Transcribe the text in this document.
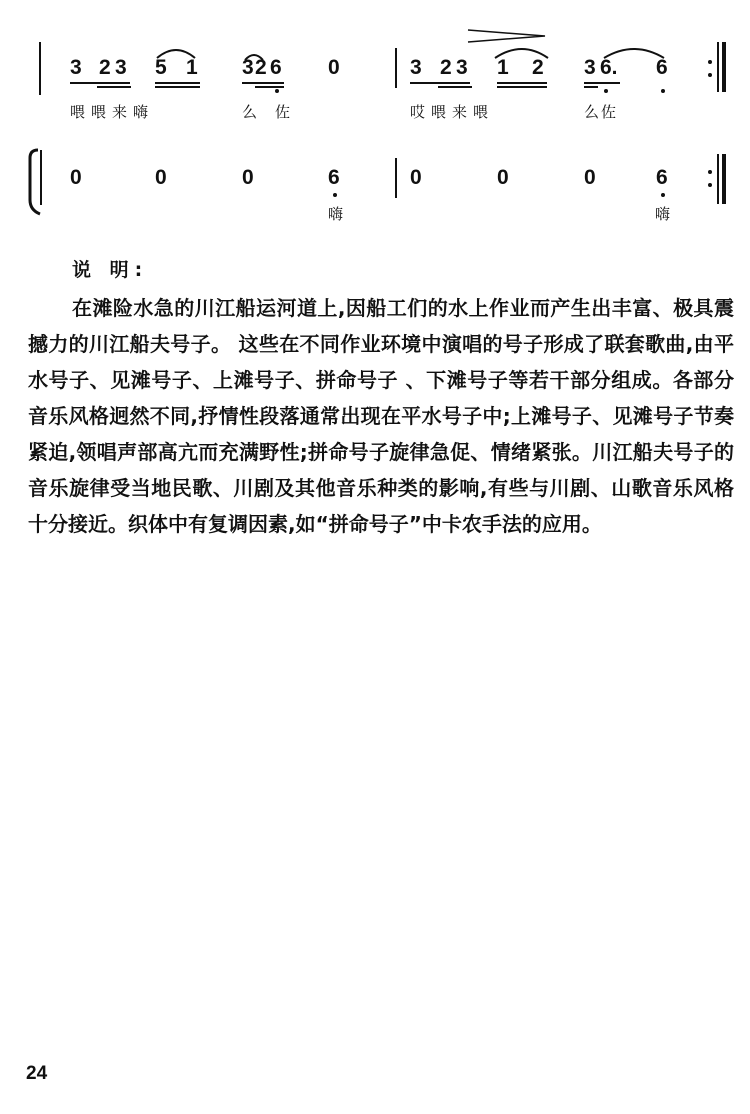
3 2 3 5 1 3 2 6 0	3 2 3 1 2 3 6. 6
喂喂来嗨	么佐	哎喂来喂	么佐
0	0	0	6	0	0	0	6
嗨	嗨
说 明:

在滩险水急的川江船运河道上,因船工们的水上作业而产生出丰富、极具震撼力的川江船夫号子。 这些在不同作业环境中演唱的号子形成了联套歌曲,由平水号子、见滩号子、上滩号子、拼命号子 、下滩号子等若干部分组成。各部分音乐风格迥然不同,抒情性段落通常出现在平水号子中;上滩号子、见滩号子节奏紧迫,领唱声部高亢而充满野性;拼命号子旋律急促、情绪紧张。川江船夫号子的音乐旋律受当地民歌、川剧及其他音乐种类的影响,有些与川剧、山歌音乐风格十分接近。织体中有复调因素,如“拼命号子”中卡农手法的应用。

24
